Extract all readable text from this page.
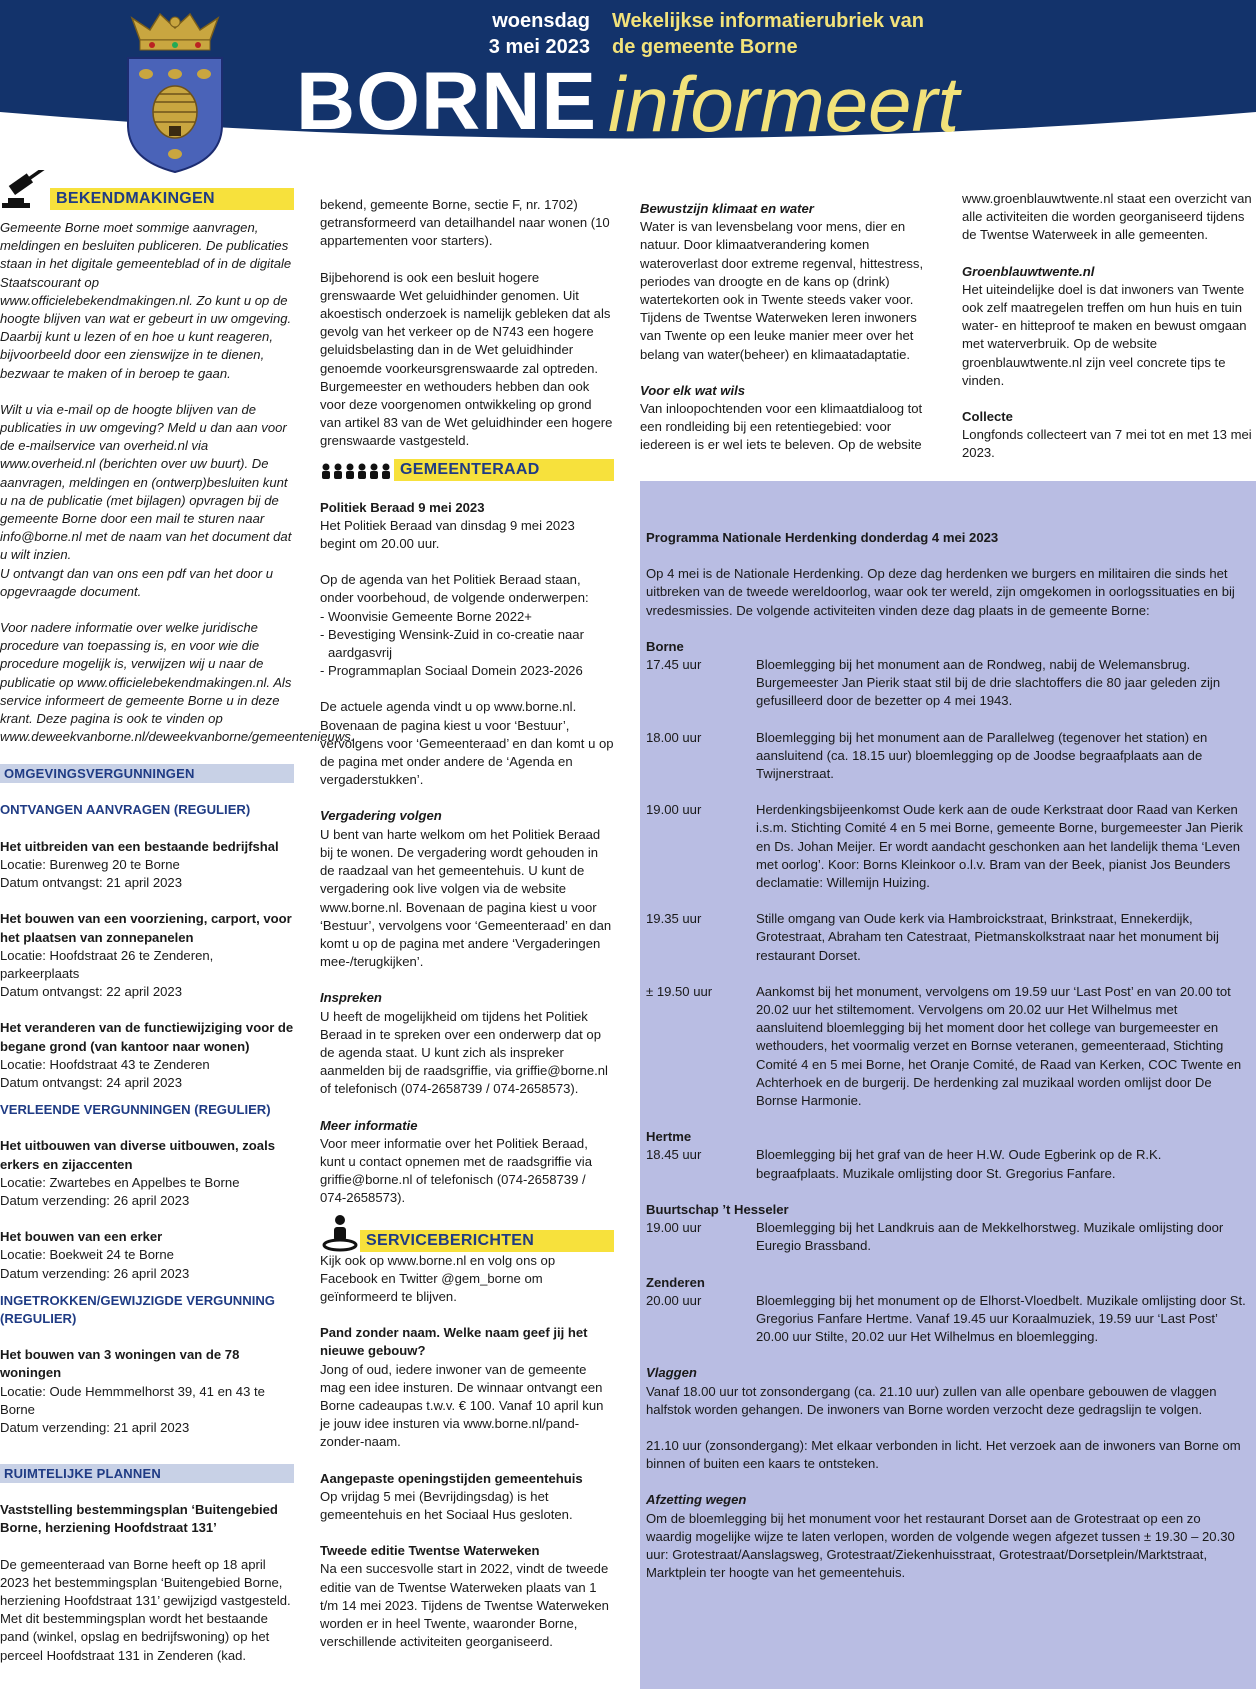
woensdag
3 mei 2023
Wekelijkse informatierubriek van
de gemeente Borne
BORNE informeert
BEKENDMAKINGEN

Gemeente Borne moet sommige aanvragen, meldingen en besluiten publiceren. De publicaties staan in het digitale gemeenteblad of in de digitale Staatscourant op www.officielebekendmakingen.nl. Zo kunt u op de hoogte blijven van wat er gebeurt in uw omgeving. Daarbij kunt u lezen of en hoe u kunt reageren, bijvoorbeeld door een zienswijze in te dienen, bezwaar te maken of in beroep te gaan.

Wilt u via e-mail op de hoogte blijven van de publicaties in uw omgeving? Meld u dan aan voor de e-mailservice van overheid.nl via www.overheid.nl (berichten over uw buurt). De aanvragen, meldingen en (ontwerp)besluiten kunt u na de publicatie (met bijlagen) opvragen bij de gemeente Borne door een mail te sturen naar info@borne.nl met de naam van het document dat u wilt inzien.

U ontvangt dan van ons een pdf van het door u opgevraagde document.

Voor nadere informatie over welke juridische procedure van toepassing is, en voor wie die procedure mogelijk is, verwijzen wij u naar de publicatie op www.officielebekendmakingen.nl. Als service informeert de gemeente Borne u in deze krant. Deze pagina is ook te vinden op www.deweekvanborne.nl/deweekvanborne/gemeentenieuws.

OMGEVINGSVERGUNNINGEN

ONTVANGEN AANVRAGEN (REGULIER)

Het uitbreiden van een bestaande bedrijfshal

Locatie: Burenweg 20 te Borne

Datum ontvangst: 21 april 2023

Het bouwen van een voorziening, carport, voor het plaatsen van zonnepanelen

Locatie: Hoofdstraat 26 te Zenderen, parkeerplaats

Datum ontvangst: 22 april 2023

Het veranderen van de functiewijziging voor de begane grond (van kantoor naar wonen)

Locatie: Hoofdstraat 43 te Zenderen

Datum ontvangst: 24 april 2023

VERLEENDE VERGUNNINGEN (REGULIER)

Het uitbouwen van diverse uitbouwen, zoals erkers en zijaccenten

Locatie: Zwartebes en Appelbes te Borne

Datum verzending: 26 april 2023

Het bouwen van een erker

Locatie: Boekweit 24 te Borne

Datum verzending: 26 april 2023

INGETROKKEN/GEWIJZIGDE VERGUNNING (REGULIER)

Het bouwen van 3 woningen van de 78 woningen

Locatie: Oude Hemmmelhorst 39, 41 en 43 te Borne

Datum verzending: 21 april 2023

RUIMTELIJKE PLANNEN

Vaststelling bestemmingsplan ‘Buitengebied Borne, herziening Hoofdstraat 131’

De gemeenteraad van Borne heeft op 18 april 2023 het bestemmingsplan ‘Buitengebied Borne, herziening Hoofdstraat 131’ gewijzigd vastgesteld. Met dit bestemmingsplan wordt het bestaande pand (winkel, opslag en bedrijfswoning) op het perceel Hoofdstraat 131 in Zenderen (kad.

bekend, gemeente Borne, sectie F, nr. 1702) getransformeerd van detailhandel naar wonen (10 appartementen voor starters).

Bijbehorend is ook een besluit hogere grenswaarde Wet geluidhinder genomen. Uit akoestisch onderzoek is namelijk gebleken dat als gevolg van het verkeer op de N743 een hogere geluidsbelasting dan in de Wet geluidhinder genoemde voorkeursgrenswaarde zal optreden. Burgemeester en wethouders hebben dan ook voor deze voorgenomen ontwikkeling op grond van artikel 83 van de Wet geluidhinder een hogere grenswaarde vastgesteld.

GEMEENTERAAD

Politiek Beraad 9 mei 2023

Het Politiek Beraad van dinsdag 9 mei 2023 begint om 20.00 uur.

Op de agenda van het Politiek Beraad staan, onder voorbehoud, de volgende onderwerpen:

- Woonvisie Gemeente Borne 2022+

- Bevestiging Wensink-Zuid in co-creatie naar

aardgasvrij

- Programmaplan Sociaal Domein 2023-2026

De actuele agenda vindt u op www.borne.nl. Bovenaan de pagina kiest u voor ‘Bestuur’, vervolgens voor ‘Gemeenteraad’ en dan komt u op de pagina met onder andere de ‘Agenda en vergaderstukken’.

Vergadering volgen

U bent van harte welkom om het Politiek Beraad bij te wonen. De vergadering wordt gehouden in de raadzaal van het gemeentehuis. U kunt de vergadering ook live volgen via de website www.borne.nl. Bovenaan de pagina kiest u voor ‘Bestuur’, vervolgens voor ‘Gemeenteraad’ en dan komt u op de pagina met andere ‘Vergaderingen mee-/terugkijken’.

Inspreken

U heeft de mogelijkheid om tijdens het Politiek Beraad in te spreken over een onderwerp dat op de agenda staat. U kunt zich als inspreker aanmelden bij de raadsgriffie, via griffie@borne.nl of telefonisch (074-2658739 / 074-2658573).

Meer informatie

Voor meer informatie over het Politiek Beraad, kunt u contact opnemen met de raadsgriffie via griffie@borne.nl of telefonisch (074-2658739 / 074-2658573).

SERVICEBERICHTEN

Kijk ook op www.borne.nl en volg ons op Facebook en Twitter @gem_borne om geïnformeerd te blijven.

Pand zonder naam. Welke naam geef jij het nieuwe gebouw?

Jong of oud, iedere inwoner van de gemeente mag een idee insturen. De winnaar ontvangt een Borne cadeaupas t.w.v. € 100. Vanaf 10 april kun je jouw idee insturen via www.borne.nl/pand-zonder-naam.

Aangepaste openingstijden gemeentehuis

Op vrijdag 5 mei (Bevrijdingsdag) is het gemeentehuis en het Sociaal Hus gesloten.

Tweede editie Twentse Waterweken

Na een succesvolle start in 2022, vindt de tweede editie van de Twentse Waterweken plaats van 1 t/m 14 mei 2023. Tijdens de Twentse Waterweken worden er in heel Twente, waaronder Borne, verschillende activiteiten georganiseerd.

Bewustzijn klimaat en water

Water is van levensbelang voor mens, dier en natuur. Door klimaatverandering komen wateroverlast door extreme regenval, hittestress, periodes van droogte en de kans op (drink) watertekorten ook in Twente steeds vaker voor. Tijdens de Twentse Waterweken leren inwoners van Twente op een leuke manier meer over het belang van water(beheer) en klimaatadaptatie.

Voor elk wat wils

Van inloopochtenden voor een klimaatdialoog tot een rondleiding bij een retentiegebied: voor iedereen is er wel iets te beleven. Op de website

www.groenblauwtwente.nl staat een overzicht van alle activiteiten die worden georganiseerd tijdens de Twentse Waterweek in alle gemeenten.

Groenblauwtwente.nl

Het uiteindelijke doel is dat inwoners van Twente ook zelf maatregelen treffen om hun huis en tuin water- en hitteproof te maken en bewust omgaan met waterverbruik. Op de website groenblauwtwente.nl zijn veel concrete tips te vinden.

Collecte

Longfonds collecteert van 7 mei tot en met 13 mei 2023.

Programma Nationale Herdenking donderdag 4 mei 2023

Op 4 mei is de Nationale Herdenking. Op deze dag herdenken we burgers en militairen die sinds het uitbreken van de tweede wereldoorlog, waar ook ter wereld, zijn omgekomen in oorlogssituaties en bij vredesmissies. De volgende activiteiten vinden deze dag plaats in de gemeente Borne:

Borne

17.45 uur	Bloemlegging bij het monument aan de Rondweg, nabij de Welemansbrug. Burgemeester Jan Pierik staat stil bij de drie slachtoffers die 80 jaar geleden zijn gefusilleerd door de bezetter op 4 mei 1943.
18.00 uur	Bloemlegging bij het monument aan de Parallelweg (tegenover het station) en aansluitend (ca. 18.15 uur) bloemlegging op de Joodse begraafplaats aan de Twijnerstraat.
19.00 uur	Herdenkingsbijeenkomst Oude kerk aan de oude Kerkstraat door Raad van Kerken i.s.m. Stichting Comité 4 en 5 mei Borne, gemeente Borne, burgemeester Jan Pierik en Ds. Johan Meijer. Er wordt aandacht geschonken aan het landelijk thema ‘Leven met oorlog’. Koor: Borns Kleinkoor o.l.v. Bram van der Beek, pianist Jos Beunders declamatie: Willemijn Huizing.
19.35 uur	Stille omgang van Oude kerk via Hambroickstraat, Brinkstraat, Ennekerdijk, Grotestraat, Abraham ten Catestraat, Pietmanskolkstraat naar het monument bij restaurant Dorset.
± 19.50 uur	Aankomst bij het monument, vervolgens om 19.59 uur ‘Last Post’ en van 20.00 tot 20.02 uur het stiltemoment. Vervolgens om 20.02 uur Het Wilhelmus met aansluitend bloemlegging bij het moment door het college van burgemeester en wethouders, het voormalig verzet en Bornse veteranen, gemeenteraad, Stichting Comité 4 en 5 mei Borne, het Oranje Comité, de Raad van Kerken, COC Twente en Achterhoek en de burgerij. De herdenking zal muzikaal worden omlijst door De Bornse Harmonie.

Hertme

18.45 uur	Bloemlegging bij het graf van de heer H.W. Oude Egberink op de R.K. begraafplaats. Muzikale omlijsting door St. Gregorius Fanfare.

Buurtschap ’t Hesseler

19.00 uur	Bloemlegging bij het Landkruis aan de Mekkelhorstweg. Muzikale omlijsting door Euregio Brassband.

Zenderen

20.00 uur	Bloemlegging bij het monument op de Elhorst-Vloedbelt. Muzikale omlijsting door St. Gregorius Fanfare Hertme. Vanaf 19.45 uur Koraalmuziek, 19.59 uur ‘Last Post’ 20.00 uur Stilte, 20.02 uur Het Wilhelmus en bloemlegging.

Vlaggen

Vanaf 18.00 uur tot zonsondergang (ca. 21.10 uur) zullen van alle openbare gebouwen de vlaggen halfstok worden gehangen. De inwoners van Borne worden verzocht deze gedragslijn te volgen.

21.10 uur (zonsondergang): Met elkaar verbonden in licht. Het verzoek aan de inwoners van Borne om binnen of buiten een kaars te ontsteken.

Afzetting wegen

Om de bloemlegging bij het monument voor het restaurant Dorset aan de Grotestraat op een zo waardig mogelijke wijze te laten verlopen, worden de volgende wegen afgezet tussen ± 19.30 – 20.30 uur: Grotestraat/Aanslagsweg, Grotestraat/Ziekenhuisstraat, Grotestraat/Dorsetplein/Marktstraat, Marktplein ter hoogte van het gemeentehuis.
